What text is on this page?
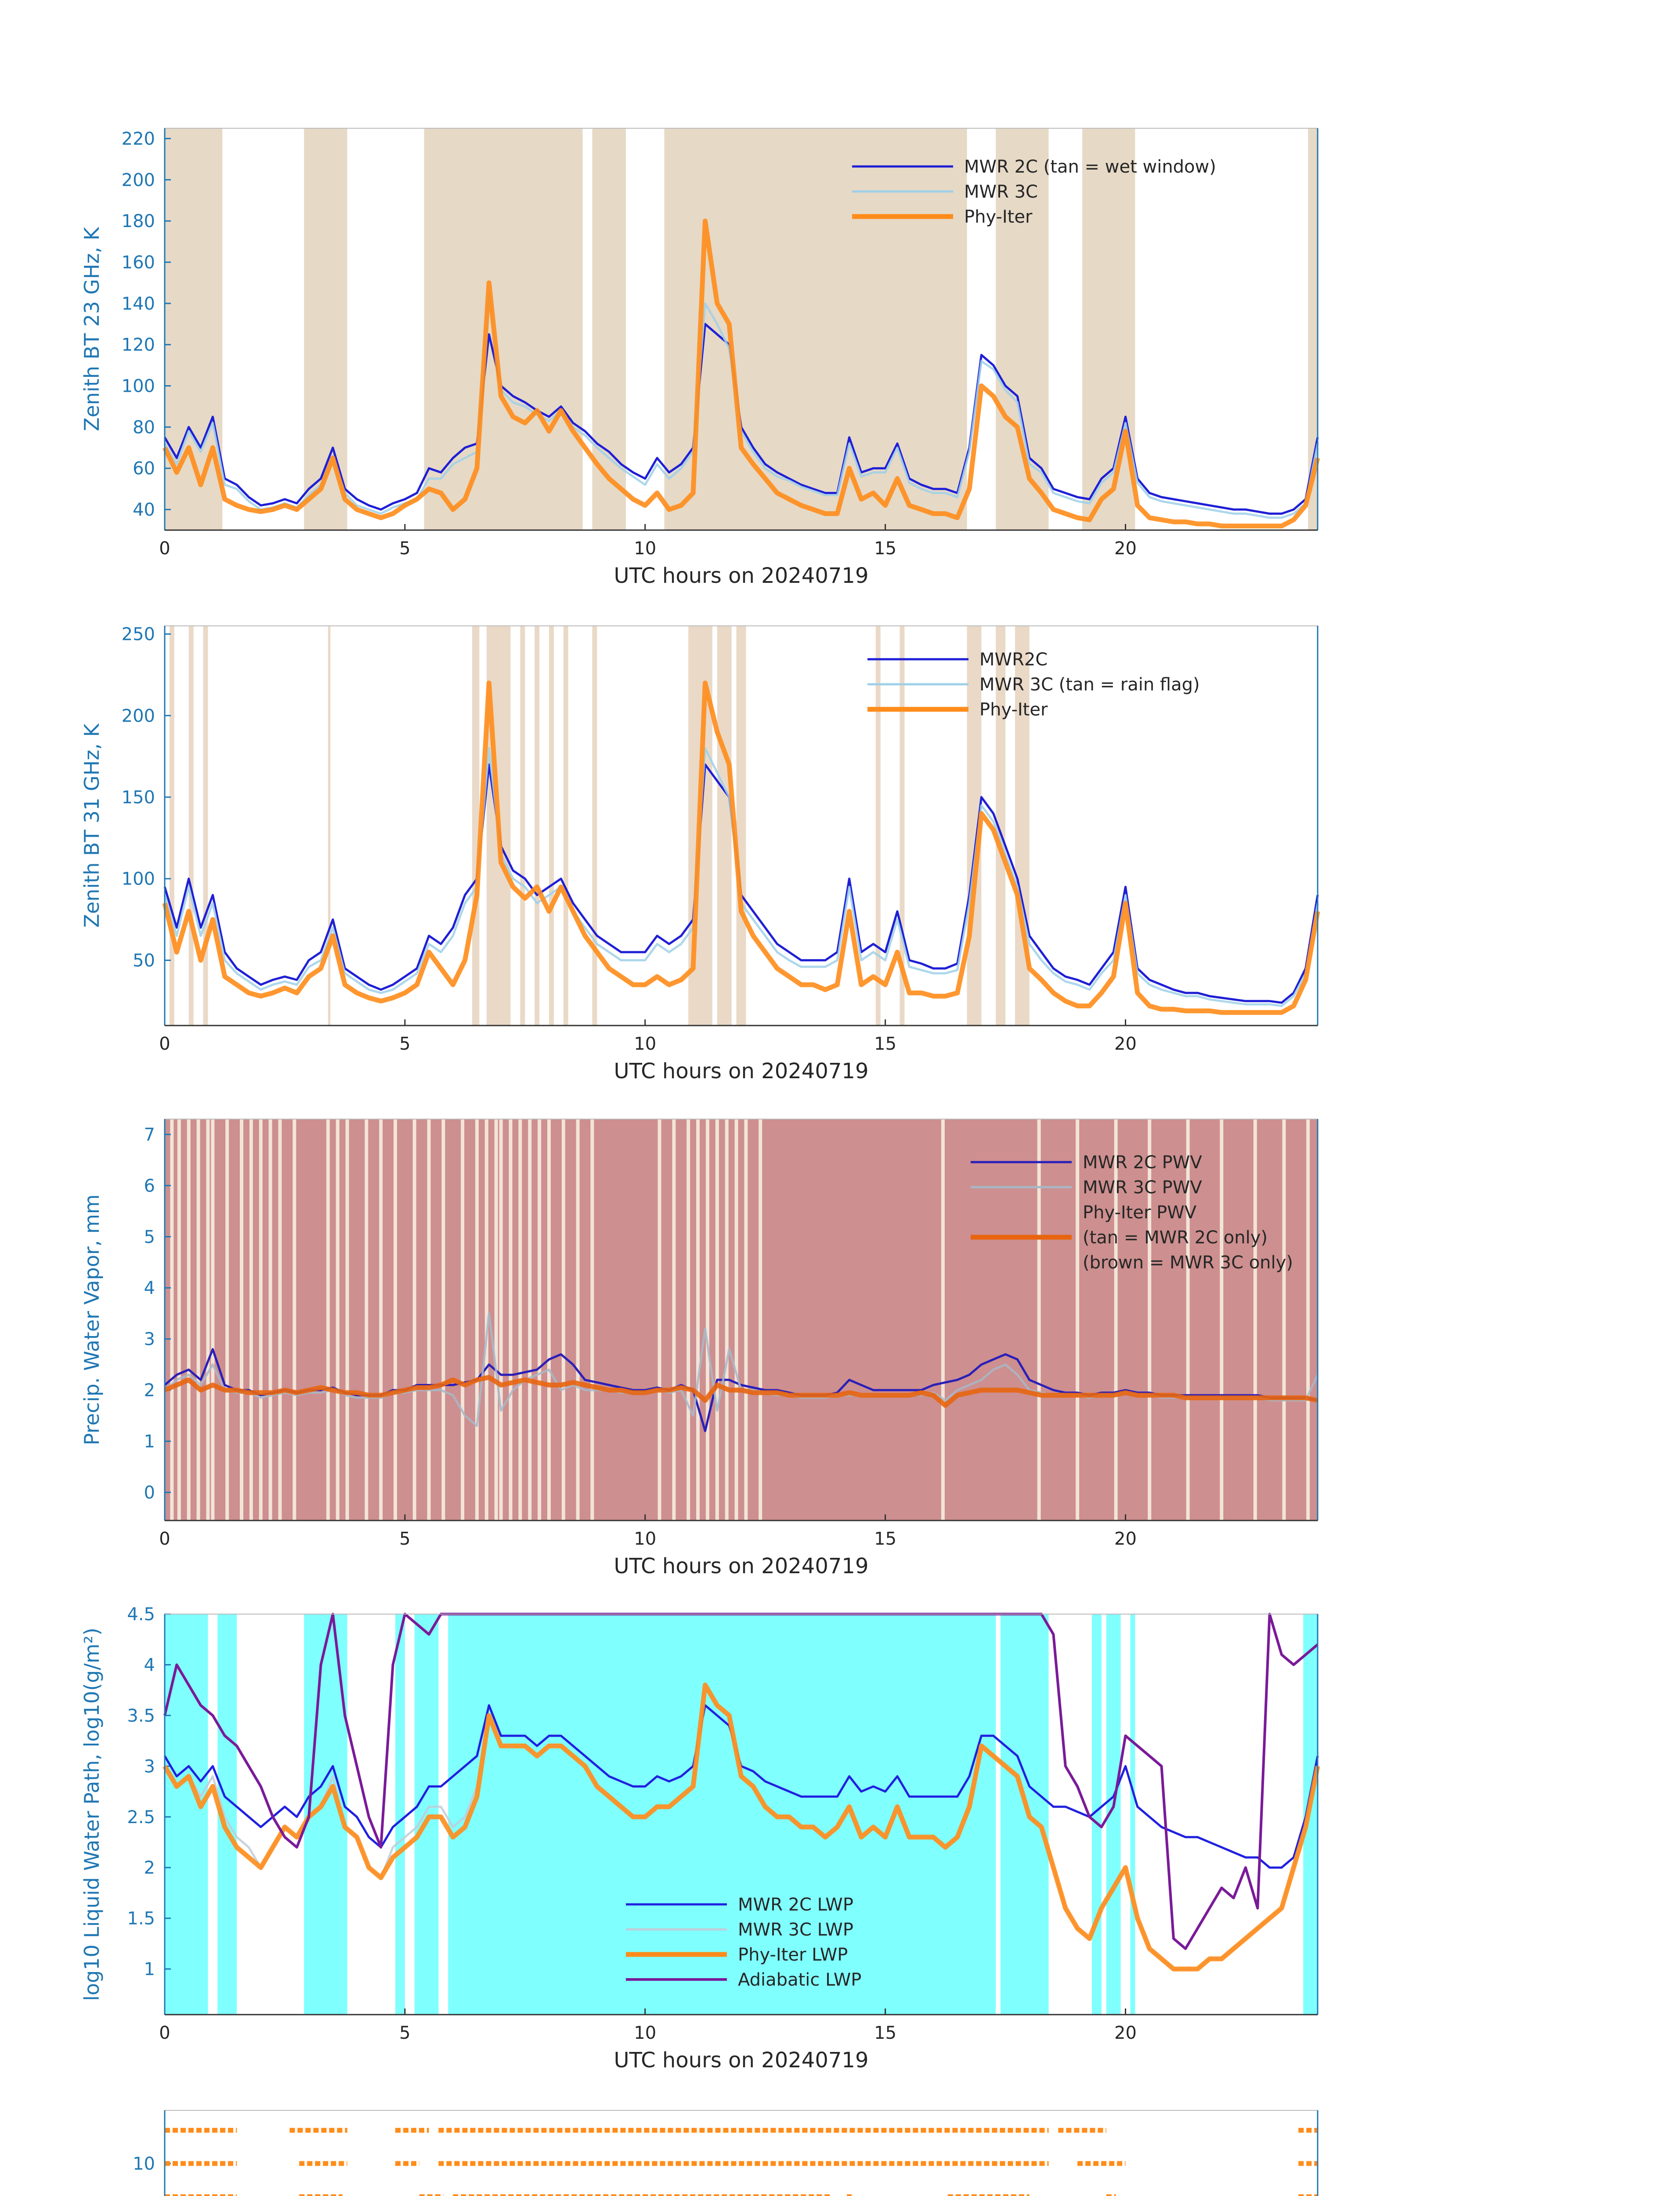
0	5	10	15	20
40
60
80
100
120
140
160
180
200
220
UTC hours on 20240719
Zenith BT 23 GHz, K
MWR 2C (tan = wet window)
MWR 3C
Phy-Iter
0	5	10	15	20
50
100
150
200
250
UTC hours on 20240719
Zenith BT 31 GHz, K
MWR2C
MWR 3C (tan = rain flag)
Phy-Iter
0	5	10	15	20
0
1
2
3
4
5
6
7
UTC hours on 20240719
Precip. Water Vapor, mm
MWR 2C PWV
MWR 3C PWV
Phy-Iter PWV
(tan = MWR 2C only)
(brown = MWR 3C only)
0	5	10	15	20
1
1.5
2
2.5
3
3.5
4
4.5
UTC hours on 20240719
log10 Liquid Water Path, log10(g/m²)	MWR 2C LWP
MWR 3C LWP
Phy-Iter LWP
Adiabatic LWP
10
